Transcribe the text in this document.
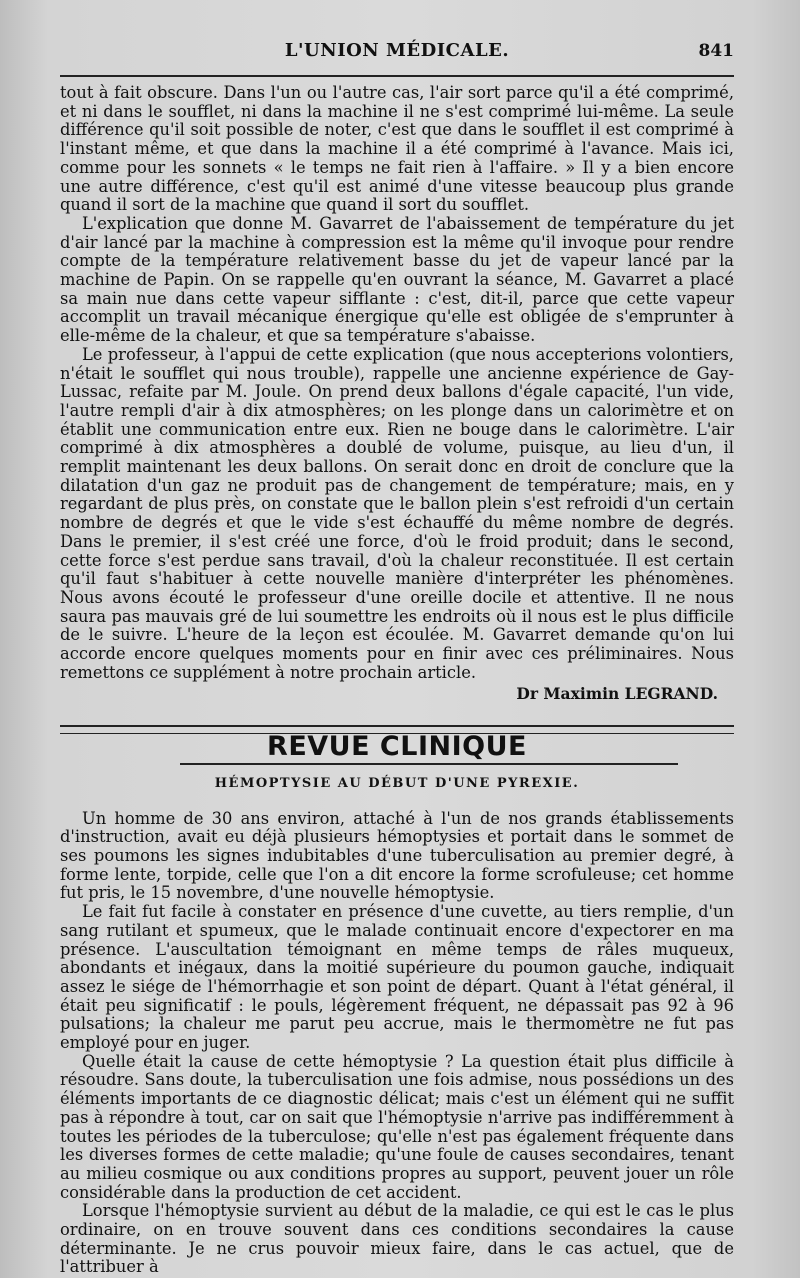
L'UNION MÉDICALE.	841

tout à fait obscure. Dans l'un ou l'autre cas, l'air sort parce qu'il a été comprimé, et ni dans le soufflet, ni dans la machine il ne s'est comprimé lui-même. La seule différence qu'il soit possible de noter, c'est que dans le soufflet il est comprimé à l'instant même, et que dans la machine il a été comprimé à l'avance. Mais ici, comme pour les sonnets « le temps ne fait rien à l'affaire. » Il y a bien encore une autre différence, c'est qu'il est animé d'une vitesse beaucoup plus grande quand il sort de la machine que quand il sort du soufflet.

L'explication que donne M. Gavarret de l'abaissement de température du jet d'air lancé par la machine à compression est la même qu'il invoque pour rendre compte de la température relativement basse du jet de vapeur lancé par la machine de Papin. On se rappelle qu'en ouvrant la séance, M. Gavarret a placé sa main nue dans cette vapeur sifflante : c'est, dit-il, parce que cette vapeur accomplit un travail mécanique énergique qu'elle est obligée de s'emprunter à elle-même de la chaleur, et que sa température s'abaisse.

Le professeur, à l'appui de cette explication (que nous accepterions volontiers, n'était le soufflet qui nous trouble), rappelle une ancienne expérience de Gay-Lussac, refaite par M. Joule. On prend deux ballons d'égale capacité, l'un vide, l'autre rempli d'air à dix atmosphères; on les plonge dans un calorimètre et on établit une communication entre eux. Rien ne bouge dans le calorimètre. L'air comprimé à dix atmosphères a doublé de volume, puisque, au lieu d'un, il remplit maintenant les deux ballons. On serait donc en droit de conclure que la dilatation d'un gaz ne produit pas de changement de température; mais, en y regardant de plus près, on constate que le ballon plein s'est refroidi d'un certain nombre de degrés et que le vide s'est échauffé du même nombre de degrés. Dans le premier, il s'est créé une force, d'où le froid produit; dans le second, cette force s'est perdue sans travail, d'où la chaleur reconstituée. Il est certain qu'il faut s'habituer à cette nouvelle manière d'interpréter les phénomènes. Nous avons écouté le professeur d'une oreille docile et attentive. Il ne nous saura pas mauvais gré de lui soumettre les endroits où il nous est le plus difficile de le suivre. L'heure de la leçon est écoulée. M. Gavarret demande qu'on lui accorde encore quelques moments pour en finir avec ces préliminaires. Nous remettons ce supplément à notre prochain article.

Dr Maximin LEGRAND.
REVUE CLINIQUE
HÉMOPTYSIE AU DÉBUT D'UNE PYREXIE.

Un homme de 30 ans environ, attaché à l'un de nos grands établissements d'instruction, avait eu déjà plusieurs hémoptysies et portait dans le sommet de ses poumons les signes indubitables d'une tuberculisation au premier degré, à forme lente, torpide, celle que l'on a dit encore la forme scrofuleuse; cet homme fut pris, le 15 novembre, d'une nouvelle hémoptysie.

Le fait fut facile à constater en présence d'une cuvette, au tiers remplie, d'un sang rutilant et spumeux, que le malade continuait encore d'expectorer en ma présence. L'auscultation témoignant en même temps de râles muqueux, abondants et inégaux, dans la moitié supérieure du poumon gauche, indiquait assez le siége de l'hémorrhagie et son point de départ. Quant à l'état général, il était peu significatif : le pouls, légèrement fréquent, ne dépassait pas 92 à 96 pulsations; la chaleur me parut peu accrue, mais le thermomètre ne fut pas employé pour en juger.

Quelle était la cause de cette hémoptysie ? La question était plus difficile à résoudre. Sans doute, la tuberculisation une fois admise, nous possédions un des éléments importants de ce diagnostic délicat; mais c'est un élément qui ne suffit pas à répondre à tout, car on sait que l'hémoptysie n'arrive pas indifféremment à toutes les périodes de la tuberculose; qu'elle n'est pas également fréquente dans les diverses formes de cette maladie; qu'une foule de causes secondaires, tenant au milieu cosmique ou aux conditions propres au support, peuvent jouer un rôle considérable dans la production de cet accident.

Lorsque l'hémoptysie survient au début de la maladie, ce qui est le cas le plus ordinaire, on en trouve souvent dans ces conditions secondaires la cause déterminante. Je ne crus pouvoir mieux faire, dans le cas actuel, que de l'attribuer à
